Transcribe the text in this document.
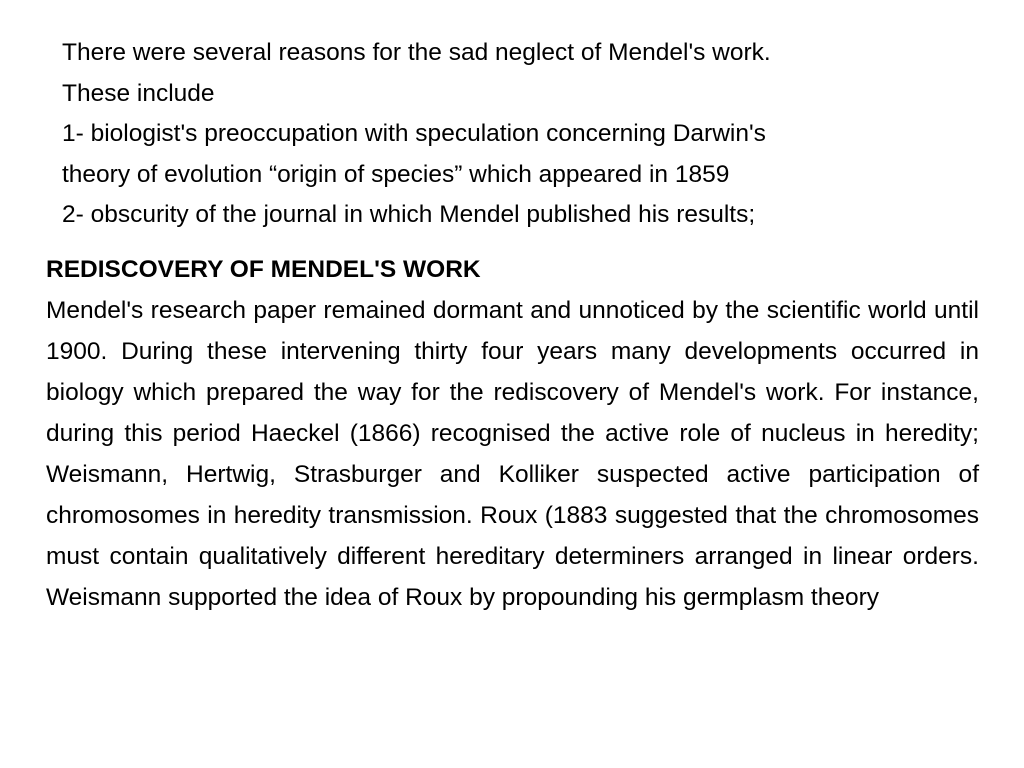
There were several reasons for the sad neglect of Mendel's work.

These include

1- biologist's preoccupation with speculation concerning Darwin's

theory of evolution “origin of species” which appeared in 1859

2- obscurity of the journal in which Mendel published his results;

REDISCOVERY OF MENDEL'S WORK

Mendel's research paper remained dormant and unnoticed by the scientific world until 1900. During these intervening thirty four years many developments occurred in biology which prepared the way for the rediscovery of Mendel's work. For instance, during this period Haeckel (1866) recognised the active role of nucleus in heredity; Weismann, Hertwig, Strasburger and Kolliker suspected active participation of chromosomes in heredity transmission. Roux (1883 suggested that the chromosomes must contain qualitatively different hereditary determiners arranged in linear orders. Weismann supported the idea of Roux by propounding his germplasm theory
